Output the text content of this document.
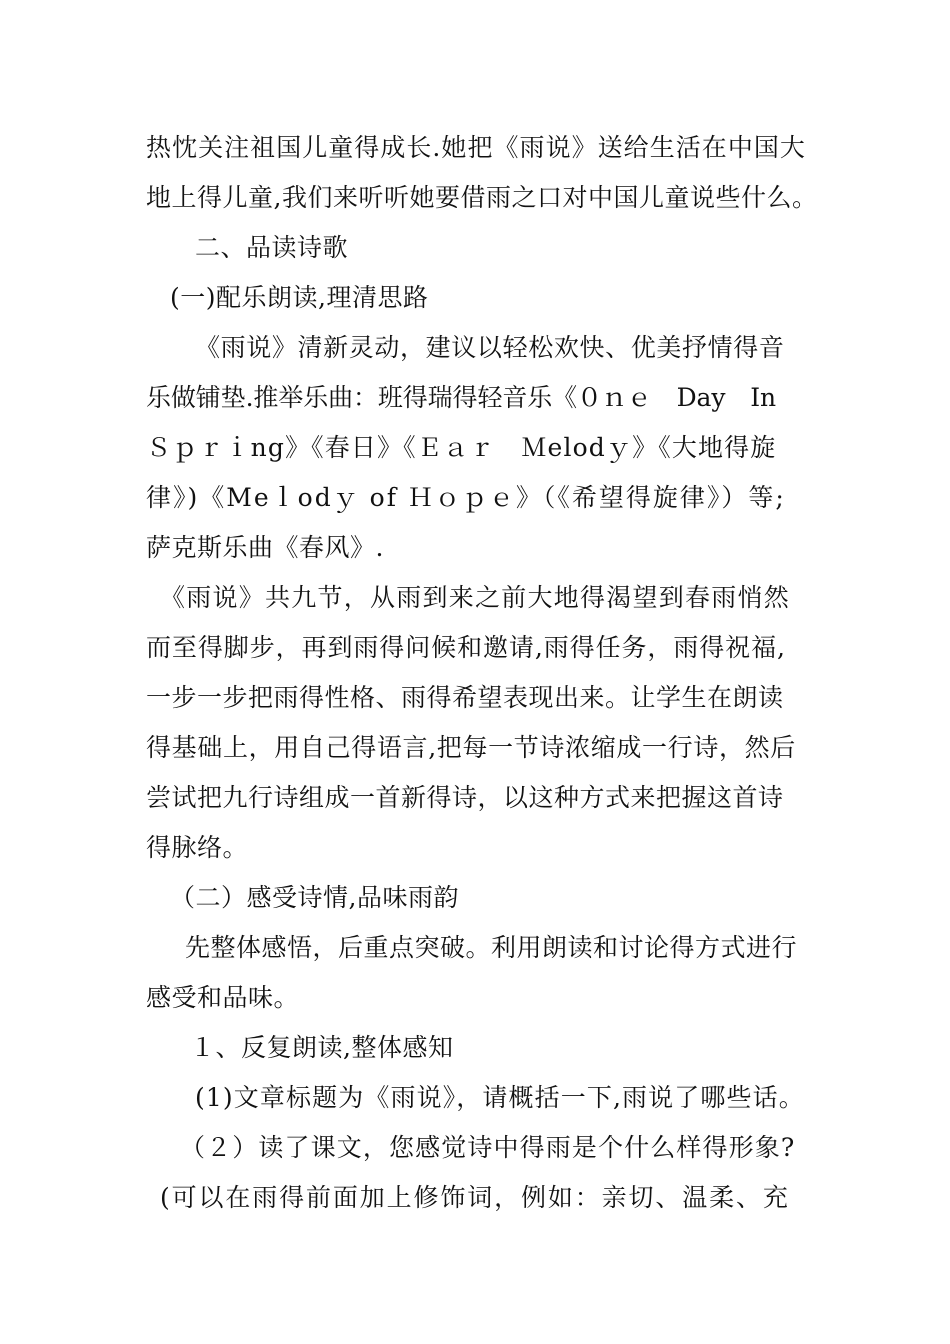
热忱关注祖国儿童得成长.她把《雨说》送给生活在中国大
地上得儿童,我们来听听她要借雨之口对中国儿童说些什么。
二、品读诗歌
(一)配乐朗读,理清思路
《雨说》清新灵动，建议以轻松欢快、优美抒情得音
乐做铺垫.推举乐曲：班得瑞得轻音乐《０ｎｅ　Day　In
Ｓｐｒｉng》《春日》《Ｅａｒ　Ｍelodｙ》《大地得旋
律》)《Meｌodｙ of Ｈｏｐｅ》（《希望得旋律》）等;
萨克斯乐曲《春风》.
《雨说》共九节，从雨到来之前大地得渴望到春雨悄然
而至得脚步，再到雨得问候和邀请,雨得任务，雨得祝福,
一步一步把雨得性格、雨得希望表现出来。让学生在朗读
得基础上，用自己得语言,把每一节诗浓缩成一行诗，然后
尝试把九行诗组成一首新得诗，以这种方式来把握这首诗
得脉络。
（二）感受诗情,品味雨韵
先整体感悟，后重点突破。利用朗读和讨论得方式进行
感受和品味。
１、反复朗读,整体感知
(1)文章标题为《雨说》，请概括一下,雨说了哪些话。
（２）读了课文，您感觉诗中得雨是个什么样得形象?
(可以在雨得前面加上修饰词，例如：亲切、温柔、充
